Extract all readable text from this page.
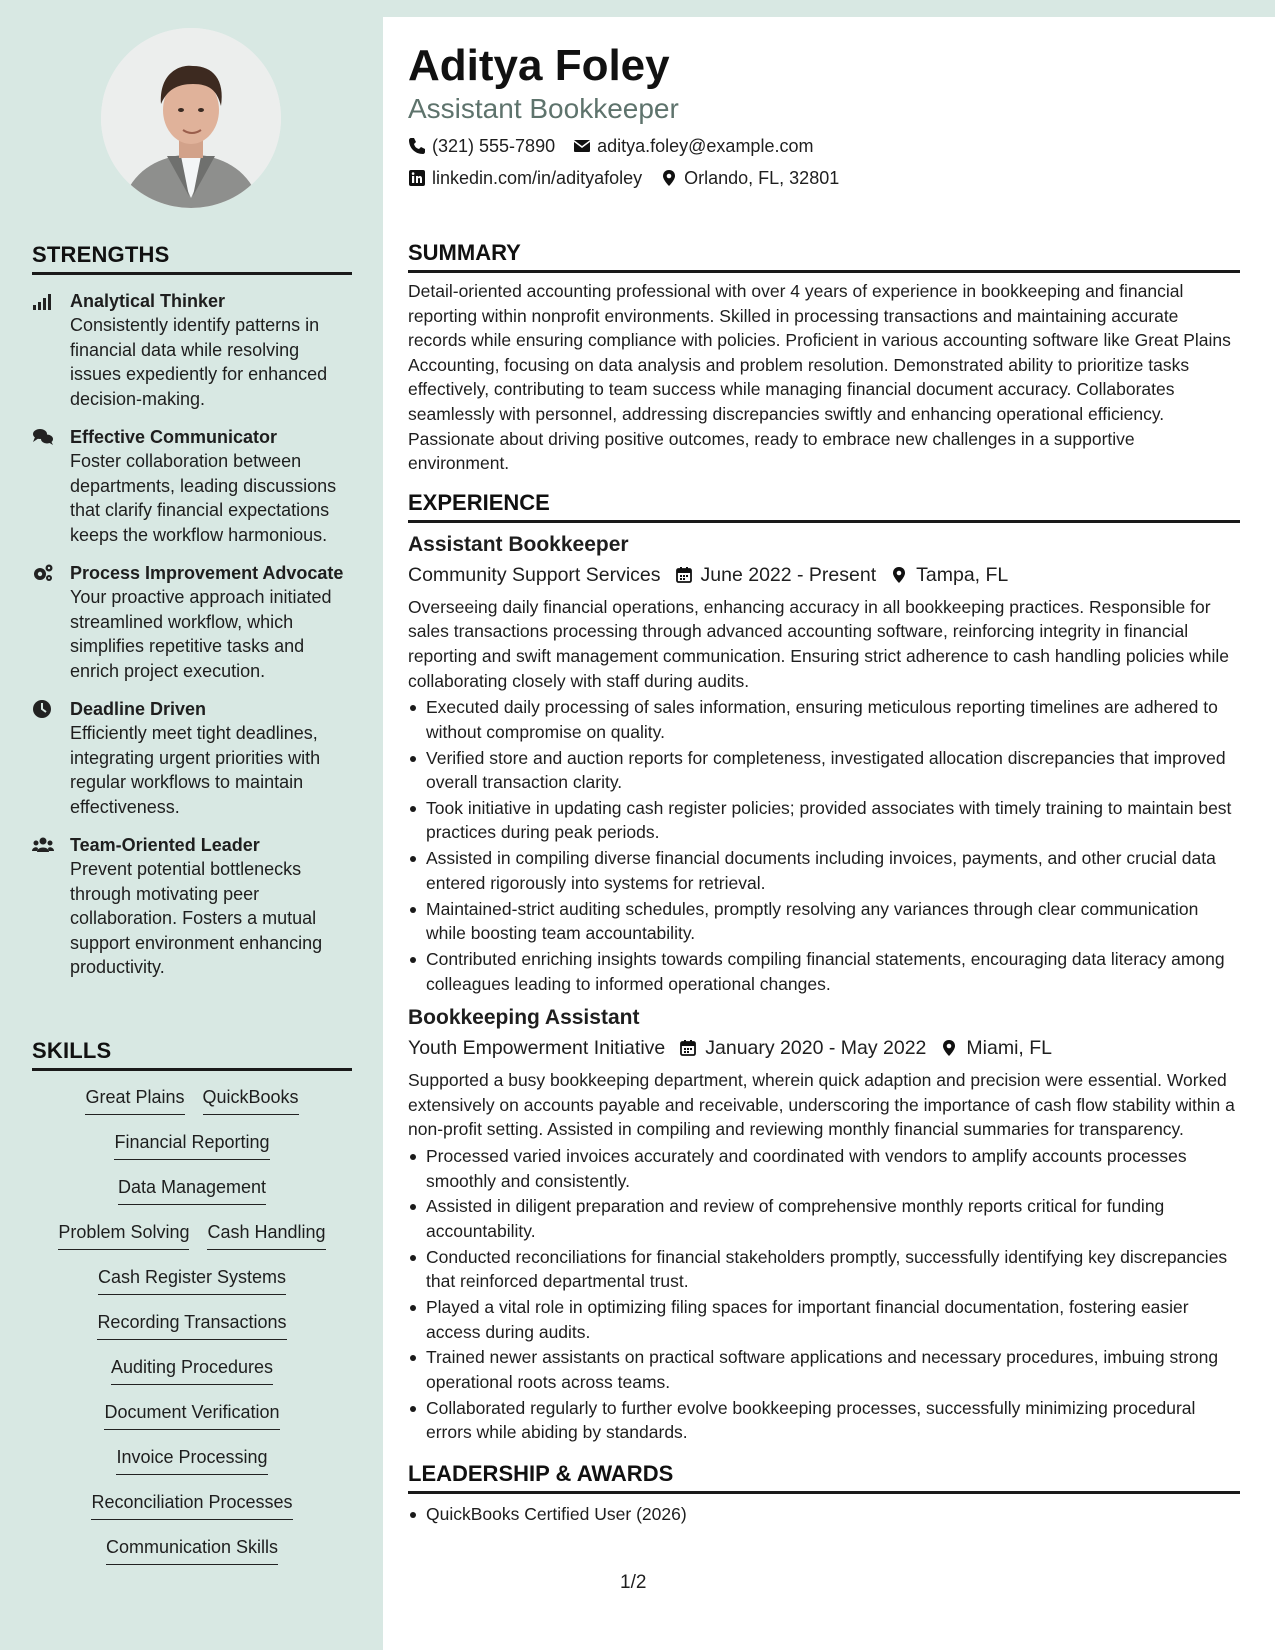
STRENGTHS
Analytical Thinker
Consistently identify patterns in financial data while resolving issues expediently for enhanced decision-making.
Effective Communicator
Foster collaboration between departments, leading discussions that clarify financial expectations keeps the workflow harmonious.
Process Improvement Advocate
Your proactive approach initiated streamlined workflow, which simplifies repetitive tasks and enrich project execution.
Deadline Driven
Efficiently meet tight deadlines, integrating urgent priorities with regular workflows to maintain effectiveness.
Team-Oriented Leader
Prevent potential bottlenecks through motivating peer collaboration. Fosters a mutual support environment enhancing productivity.
SKILLS
Great Plains QuickBooks
Financial Reporting
Data Management
Problem Solving Cash Handling
Cash Register Systems
Recording Transactions
Auditing Procedures
Document Verification
Invoice Processing
Reconciliation Processes
Communication Skills
Aditya Foley
Assistant Bookkeeper
(321) 555-7890 aditya.foley@example.com
linkedin.com/in/adityafoley Orlando, FL, 32801
SUMMARY
Detail-oriented accounting professional with over 4 years of experience in bookkeeping and financial reporting within nonprofit environments. Skilled in processing transactions and maintaining accurate records while ensuring compliance with policies. Proficient in various accounting software like Great Plains Accounting, focusing on data analysis and problem resolution. Demonstrated ability to prioritize tasks effectively, contributing to team success while managing financial document accuracy. Collaborates seamlessly with personnel, addressing discrepancies swiftly and enhancing operational efficiency. Passionate about driving positive outcomes, ready to embrace new challenges in a supportive environment.
EXPERIENCE
Assistant Bookkeeper
Community Support Services June 2022 - Present Tampa, FL
Overseeing daily financial operations, enhancing accuracy in all bookkeeping practices. Responsible for sales transactions processing through advanced accounting software, reinforcing integrity in financial reporting and swift management communication. Ensuring strict adherence to cash handling policies while collaborating closely with staff during audits.
Executed daily processing of sales information, ensuring meticulous reporting timelines are adhered to without compromise on quality.
Verified store and auction reports for completeness, investigated allocation discrepancies that improved overall transaction clarity.
Took initiative in updating cash register policies; provided associates with timely training to maintain best practices during peak periods.
Assisted in compiling diverse financial documents including invoices, payments, and other crucial data entered rigorously into systems for retrieval.
Maintained-strict auditing schedules, promptly resolving any variances through clear communication while boosting team accountability.
Contributed enriching insights towards compiling financial statements, encouraging data literacy among colleagues leading to informed operational changes.
Bookkeeping Assistant
Youth Empowerment Initiative January 2020 - May 2022 Miami, FL
Supported a busy bookkeeping department, wherein quick adaption and precision were essential. Worked extensively on accounts payable and receivable, underscoring the importance of cash flow stability within a non-profit setting. Assisted in compiling and reviewing monthly financial summaries for transparency.
Processed varied invoices accurately and coordinated with vendors to amplify accounts processes smoothly and consistently.
Assisted in diligent preparation and review of comprehensive monthly reports critical for funding accountability.
Conducted reconciliations for financial stakeholders promptly, successfully identifying key discrepancies that reinforced departmental trust.
Played a vital role in optimizing filing spaces for important financial documentation, fostering easier access during audits.
Trained newer assistants on practical software applications and necessary procedures, imbuing strong operational roots across teams.
Collaborated regularly to further evolve bookkeeping processes, successfully minimizing procedural errors while abiding by standards.
LEADERSHIP & AWARDS
QuickBooks Certified User (2026)
1/2
